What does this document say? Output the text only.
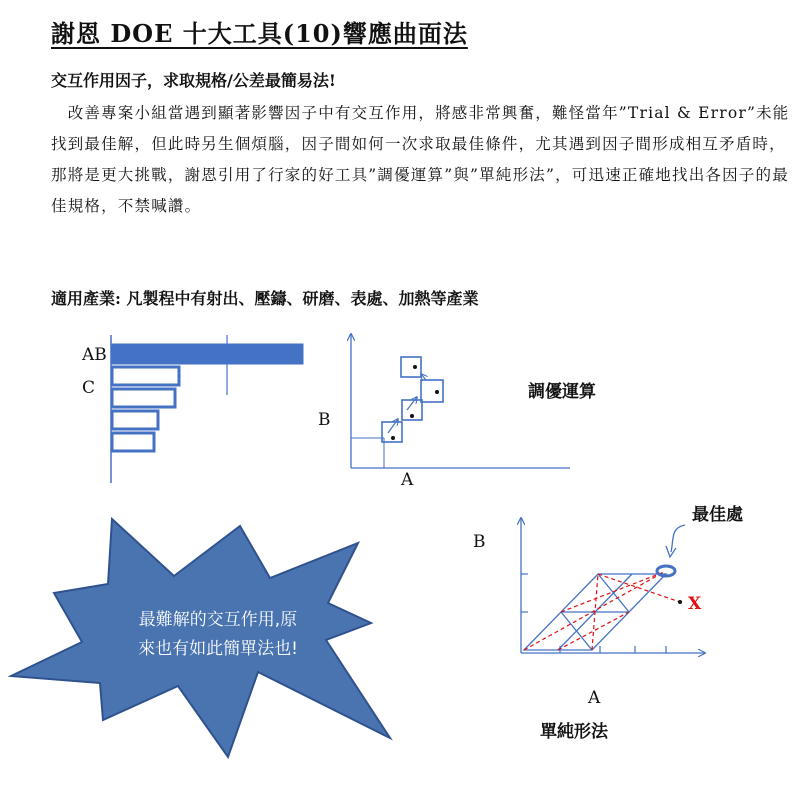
謝恩 DOE 十大工具(10)響應曲面法
交互作用因子，求取規格/公差最簡易法!
　改善專案小組當遇到顯著影響因子中有交互作用，將感非常興奮，難怪當年”Trial & Error”未能找到最佳解，但此時另生個煩腦，因子間如何一次求取最佳條件，尤其遇到因子間形成相互矛盾時，那將是更大挑戰，謝恩引用了行家的好工具”調優運算”與”單純形法”，可迅速正確地找出各因子的最佳規格，不禁喊讚。
適用產業: 凡製程中有射出、壓鑄、研磨、表處、加熱等產業
AB
C
B
A
調優運算
最佳處
B
X
A
單純形法
最難解的交互作用,原來也有如此簡單法也!
